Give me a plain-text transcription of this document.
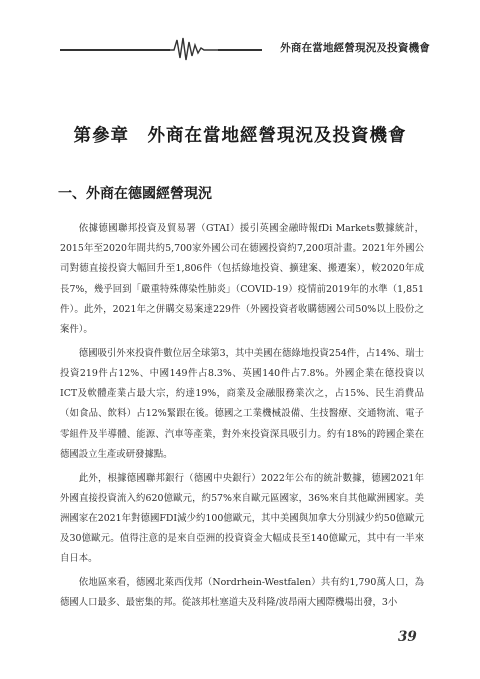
外商在當地經營現況及投資機會
第參章　外商在當地經營現況及投資機會
一、外商在德國經營現況

依據德國聯邦投資及貿易署（GTAI）援引英國金融時報fDi Markets數據統計，2015年至2020年間共約5,700家外國公司在德國投資約7,200項計畫。2021年外國公司對德直接投資大幅回升至1,806件（包括綠地投資、擴建案、搬遷案），較2020年成長7%，幾乎回到「嚴重特殊傳染性肺炎」（COVID-19）疫情前2019年的水準（1,851件）。此外，2021年之併購交易案達229件（外國投資者收購德國公司50%以上股份之案件）。

德國吸引外來投資件數位居全球第3，其中美國在德綠地投資254件，占14%、瑞士投資219件占12%、中國149件占8.3%、英國140件占7.8%。外國企業在德投資以ICT及軟體產業占最大宗，約達19%，商業及金融服務業次之，占15%、民生消費品（如食品、飲料）占12%緊跟在後。德國之工業機械設備、生技醫療、交通物流、電子零組件及半導體、能源、汽車等產業，對外來投資深具吸引力。約有18%的跨國企業在德國設立生產或研發據點。

此外，根據德國聯邦銀行（德國中央銀行）2022年公布的統計數據，德國2021年外國直接投資流入約620億歐元，約57%來自歐元區國家，36%來自其他歐洲國家。美洲國家在2021年對德國FDI減少約100億歐元，其中美國與加拿大分別減少約50億歐元及30億歐元。值得注意的是來自亞洲的投資資金大幅成長至140億歐元，其中有一半來自日本。

依地區來看，德國北萊西伐邦（Nordrhein-Westfalen）共有約1,790萬人口，為德國人口最多、最密集的邦。從該邦杜塞道夫及科隆/波昂兩大國際機場出發，3小

39
